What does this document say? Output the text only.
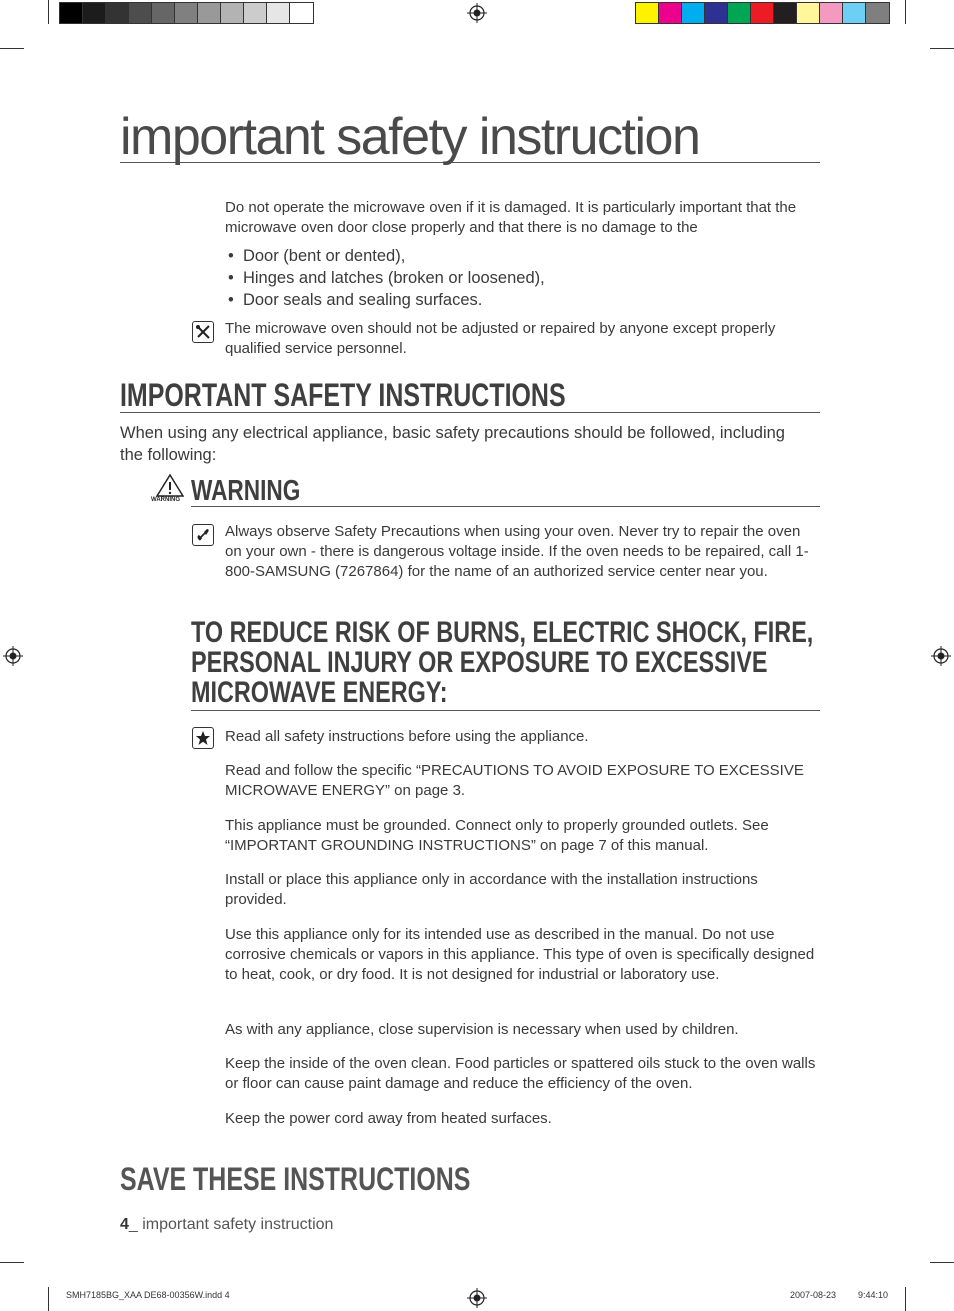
important safety instruction
Do not operate the microwave oven if it is damaged. It is particularly important that the microwave oven door close properly and that there is no damage to the
•  Door (bent or dented),
•  Hinges and latches (broken or loosened),
•  Door seals and sealing surfaces.
The microwave oven should not be adjusted or repaired by anyone except properly qualified service personnel.
IMPORTANT SAFETY INSTRUCTIONS
When using any electrical appliance, basic safety precautions should be followed, including the following:
WARNING WARNING
Always observe Safety Precautions when using your oven. Never try to repair the oven on your own - there is dangerous voltage inside. If the oven needs to be repaired, call 1-800-SAMSUNG (7267864) for the name of an authorized service center near you.
TO REDUCE RISK OF BURNS, ELECTRIC SHOCK, FIRE,
PERSONAL INJURY OR EXPOSURE TO EXCESSIVE
MICROWAVE ENERGY:
Read all safety instructions before using the appliance.
Read and follow the specific “PRECAUTIONS TO AVOID EXPOSURE TO EXCESSIVE MICROWAVE ENERGY” on page 3.
This appliance must be grounded. Connect only to properly grounded outlets. See “IMPORTANT GROUNDING INSTRUCTIONS” on page 7 of this manual.
Install or place this appliance only in accordance with the installation instructions provided.
Use this appliance only for its intended use as described in the manual. Do not use corrosive chemicals or vapors in this appliance. This type of oven is specifically designed to heat, cook, or dry food. It is not designed for industrial or laboratory use.
As with any appliance, close supervision is necessary when used by children.
Keep the inside of the oven clean. Food particles or spattered oils stuck to the oven walls or floor can cause paint damage and reduce the efficiency of the oven.
Keep the power cord away from heated surfaces.
SAVE THESE INSTRUCTIONS
4_ important safety instruction
SMH7185BG_XAA DE68-00356W.indd 4	2007-08-23 9:44:10
